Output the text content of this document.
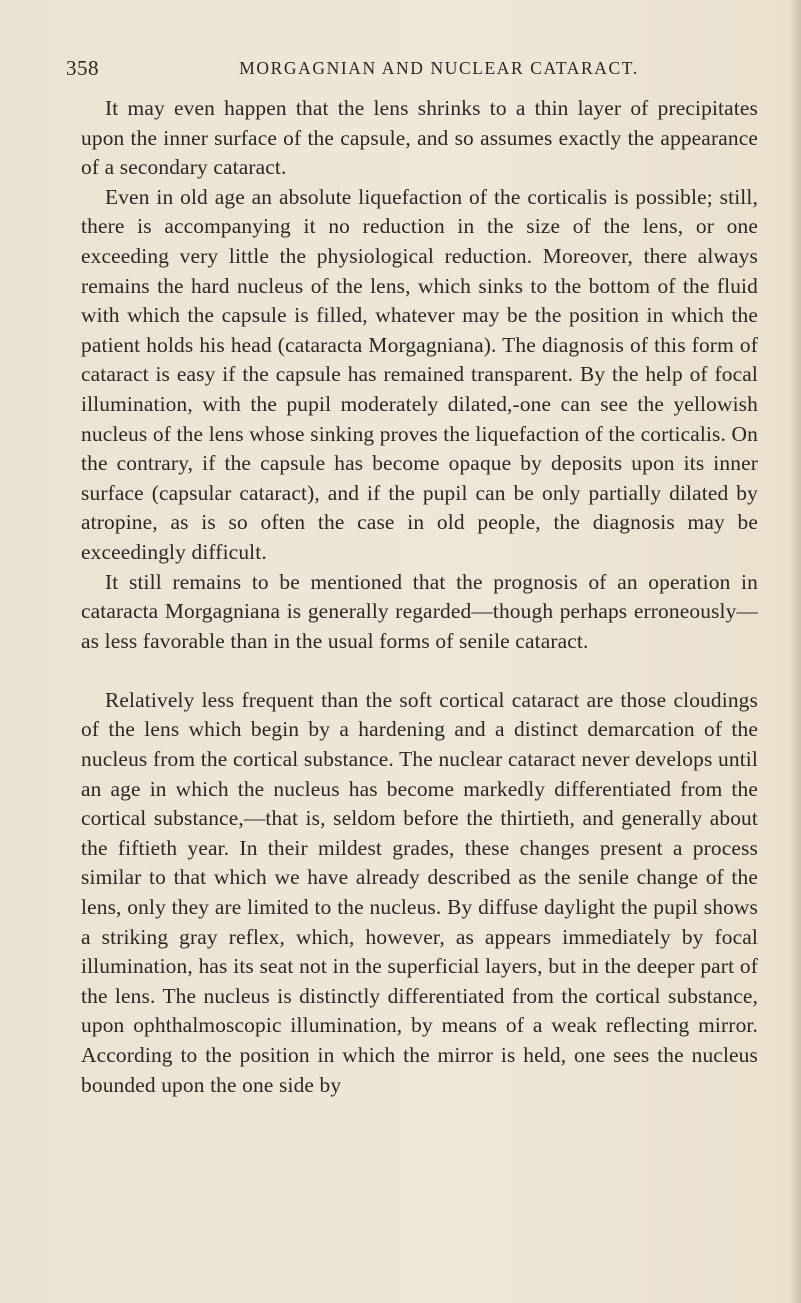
358	MORGAGNIAN AND NUCLEAR CATARACT.

It may even happen that the lens shrinks to a thin layer of precipitates upon the inner surface of the capsule, and so assumes exactly the appearance of a secondary cataract.

Even in old age an absolute liquefaction of the corticalis is possible; still, there is accompanying it no reduction in the size of the lens, or one exceeding very little the physiological reduction. Moreover, there always remains the hard nucleus of the lens, which sinks to the bottom of the fluid with which the capsule is filled, whatever may be the position in which the patient holds his head (cataracta Morgagniana). The diagnosis of this form of cataract is easy if the capsule has remained transparent. By the help of focal illumination, with the pupil moderately dilated,-one can see the yellowish nucleus of the lens whose sinking proves the liquefaction of the corticalis. On the contrary, if the capsule has become opaque by deposits upon its inner surface (capsular cataract), and if the pupil can be only partially dilated by atropine, as is so often the case in old people, the diagnosis may be exceedingly difficult.

It still remains to be mentioned that the prognosis of an operation in cataracta Morgagniana is generally regarded—though perhaps erroneously—as less favorable than in the usual forms of senile cataract.

Relatively less frequent than the soft cortical cataract are those cloudings of the lens which begin by a hardening and a distinct demarcation of the nucleus from the cortical substance. The nuclear cataract never develops until an age in which the nucleus has become markedly differentiated from the cortical substance,—that is, seldom before the thirtieth, and generally about the fiftieth year. In their mildest grades, these changes present a process similar to that which we have already described as the senile change of the lens, only they are limited to the nucleus. By diffuse daylight the pupil shows a striking gray reflex, which, however, as appears immediately by focal illumination, has its seat not in the superficial layers, but in the deeper part of the lens. The nucleus is distinctly differentiated from the cortical substance, upon ophthalmoscopic illumination, by means of a weak reflecting mirror. According to the position in which the mirror is held, one sees the nucleus bounded upon the one side by
